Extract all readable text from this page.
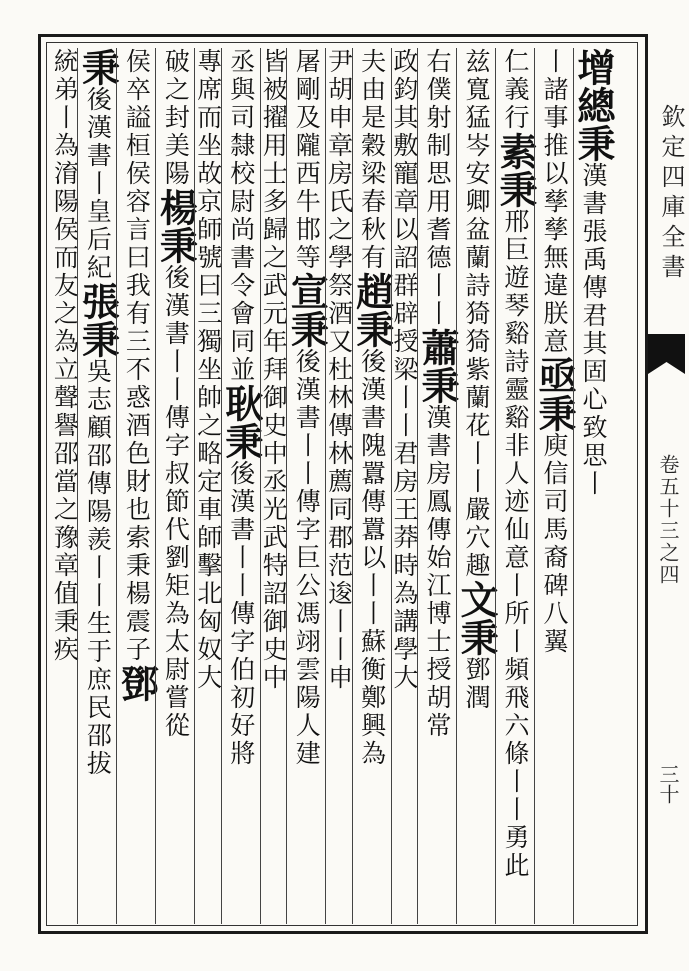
欽定四庫全書
卷五十三之四
三十
增總秉漢書張禹傳君其固心致思丨
丨諸事推以孳孳無違朕意亟秉庾信司馬裔碑八翼
仁義行素秉邢巨遊琴谿詩靈谿非人迹仙意丨所丨頻飛六條丨丨勇此
兹寬猛岑安卿盆蘭詩猗猗紫蘭花丨丨嚴穴趣文秉鄧潤
右僕射制思用耆德丨丨蕭秉漢書房鳳傳始江博士授胡常
政鈞其敷寵章以詔群辟授梁丨丨君房王莽時為講學大
夫由是穀梁春秋有趙秉後漢書隗囂傳囂以丨丨蘇衡鄭興為
尹胡申章房氏之學祭酒又杜林傳林薦同郡范逡丨丨申
屠剛及隴西牛邯等宣秉後漢書丨丨傳字巨公馮翊雲陽人建
皆被擢用士多歸之武元年拜御史中丞光武特詔御史中
丞與司隸校尉尚書令會同並耿秉後漢書丨丨傳字伯初好將
專席而坐故京師號曰三獨坐帥之略定車師擊北匈奴大
破之封美陽楊秉後漢書丨丨傳字叔節代劉矩為太尉嘗從
侯卒謚桓侯容言曰我有三不惑酒色財也索秉楊震子鄧
秉後漢書丨皇后紀張秉吳志顧邵傳陽羨丨丨生于庶民邵拔
統弟丨為淯陽侯而友之為立聲譽邵當之豫章值秉疾
